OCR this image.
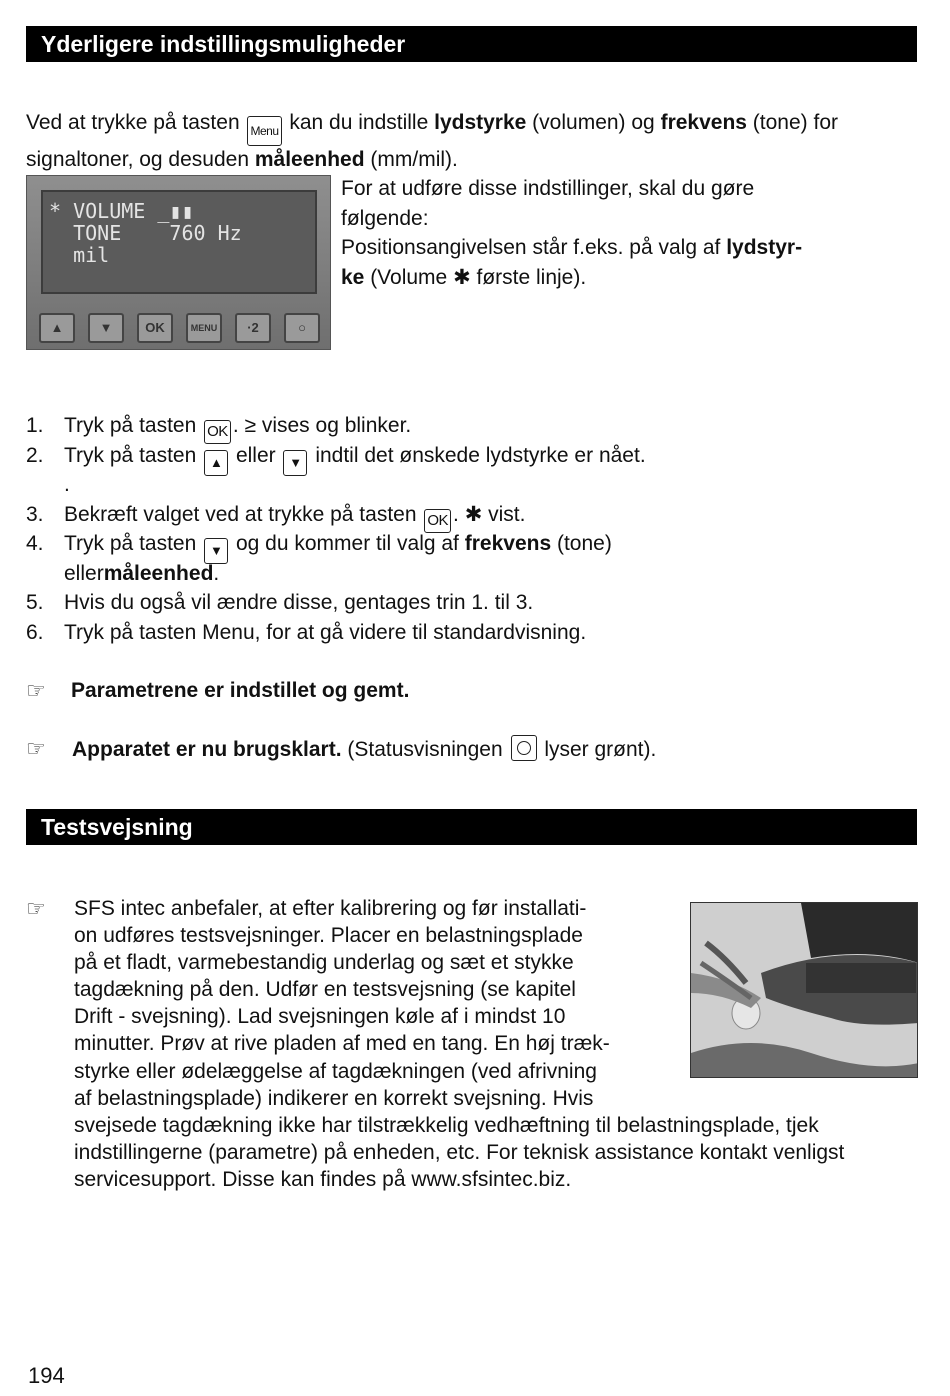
Yderligere indstillingsmuligheder
Ved at trykke på tasten Menu kan du indstille lydstyrke (volumen) og frekvens (tone) for
signaltoner, og desuden måleenhed (mm/mil).
* VOLUME _▮▮
TONE    760 Hz
mil
▲	▼	OK	MENU	·2	○
For at udføre disse indstillinger, skal du gøre
følgende:
Positionsangivelsen står f.eks. på valg af lydstyr-
ke (Volume ✱ første linje).
1. Tryk på tasten OK . ≥ vises og blinker.
2. Tryk på tasten ▲ eller ▼ indtil det ønskede lydstyrke er nået.
.
3. Bekræft valget ved at trykke på tasten OK . ✱ vist.
4. Tryk på tasten ▼ og du kommer til valg af frekvens (tone)
eller måleenhed .
5. Hvis du også vil ændre disse, gentages trin 1. til 3.
6. Tryk på tasten Menu, for at gå videre til standardvisning.
☞	Parametrene er indstillet og gemt.
☞	Apparatet er nu brugsklart. (Statusvisningen  lyser grønt).
Testsvejsning
☞	SFS intec anbefaler, at efter kalibrering og før installati-
on udføres testsvejsninger. Placer en belastningsplade
på et fladt, varmebestandig underlag og sæt et stykke
tagdækning på den. Udfør en testsvejsning (se kapitel
Drift - svejsning). Lad svejsningen køle af i mindst 10
minutter. Prøv at rive pladen af med en tang. En høj træk-
styrke eller ødelæggelse af tagdækningen (ved afrivning
af belastningsplade) indikerer en korrekt svejsning. Hvis
svejsede tagdækning ikke har tilstrækkelig vedhæftning til belastningsplade, tjek
indstillingerne (parametre) på enheden, etc. For teknisk assistance kontakt venligst
servicesupport. Disse kan findes på www.sfsintec.biz.
194
